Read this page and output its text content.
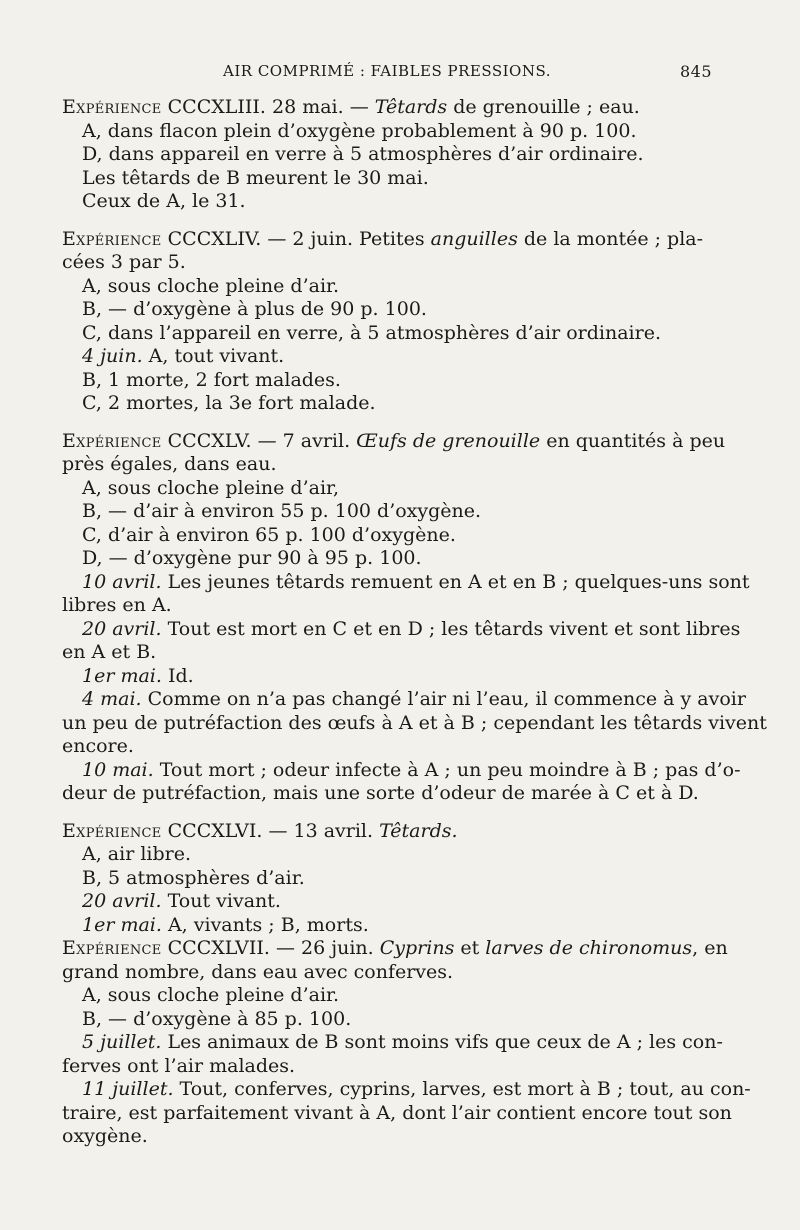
AIR COMPRIMÉ : FAIBLES PRESSIONS.	845
Expérience CCCXLIII. 28 mai. — Têtards de grenouille ; eau.
A, dans flacon plein d’oxygène probablement à 90 p. 100.
D, dans appareil en verre à 5 atmosphères d’air ordinaire.
Les têtards de B meurent le 30 mai.
Ceux de A, le 31.
Expérience CCCXLIV. — 2 juin. Petites anguilles de la montée ; pla-
cées 3 par 5.
A, sous cloche pleine d’air.
B, — d’oxygène à plus de 90 p. 100.
C, dans l’appareil en verre, à 5 atmosphères d’air ordinaire.
4 juin. A, tout vivant.
B, 1 morte, 2 fort malades.
C, 2 mortes, la 3e fort malade.
Expérience CCCXLV. — 7 avril. Œufs de grenouille en quantités à peu
près égales, dans eau.
A, sous cloche pleine d’air,
B, — d’air à environ 55 p. 100 d’oxygène.
C, d’air à environ 65 p. 100 d’oxygène.
D, — d’oxygène pur 90 à 95 p. 100.
10 avril. Les jeunes têtards remuent en A et en B ; quelques-uns sont
libres en A.
20 avril. Tout est mort en C et en D ; les têtards vivent et sont libres
en A et B.
1er mai. Id.
4 mai. Comme on n’a pas changé l’air ni l’eau, il commence à y avoir
un peu de putréfaction des œufs à A et à B ; cependant les têtards vivent
encore.
10 mai. Tout mort ; odeur infecte à A ; un peu moindre à B ; pas d’o-
deur de putréfaction, mais une sorte d’odeur de marée à C et à D.
Expérience CCCXLVI. — 13 avril. Têtards.
A, air libre.
B, 5 atmosphères d’air.
20 avril. Tout vivant.
1er mai. A, vivants ; B, morts.
Expérience CCCXLVII. — 26 juin. Cyprins et larves de chironomus, en
grand nombre, dans eau avec conferves.
A, sous cloche pleine d’air.
B, — d’oxygène à 85 p. 100.
5 juillet. Les animaux de B sont moins vifs que ceux de A ; les con-
ferves ont l’air malades.
11 juillet. Tout, conferves, cyprins, larves, est mort à B ; tout, au con-
traire, est parfaitement vivant à A, dont l’air contient encore tout son
oxygène.
